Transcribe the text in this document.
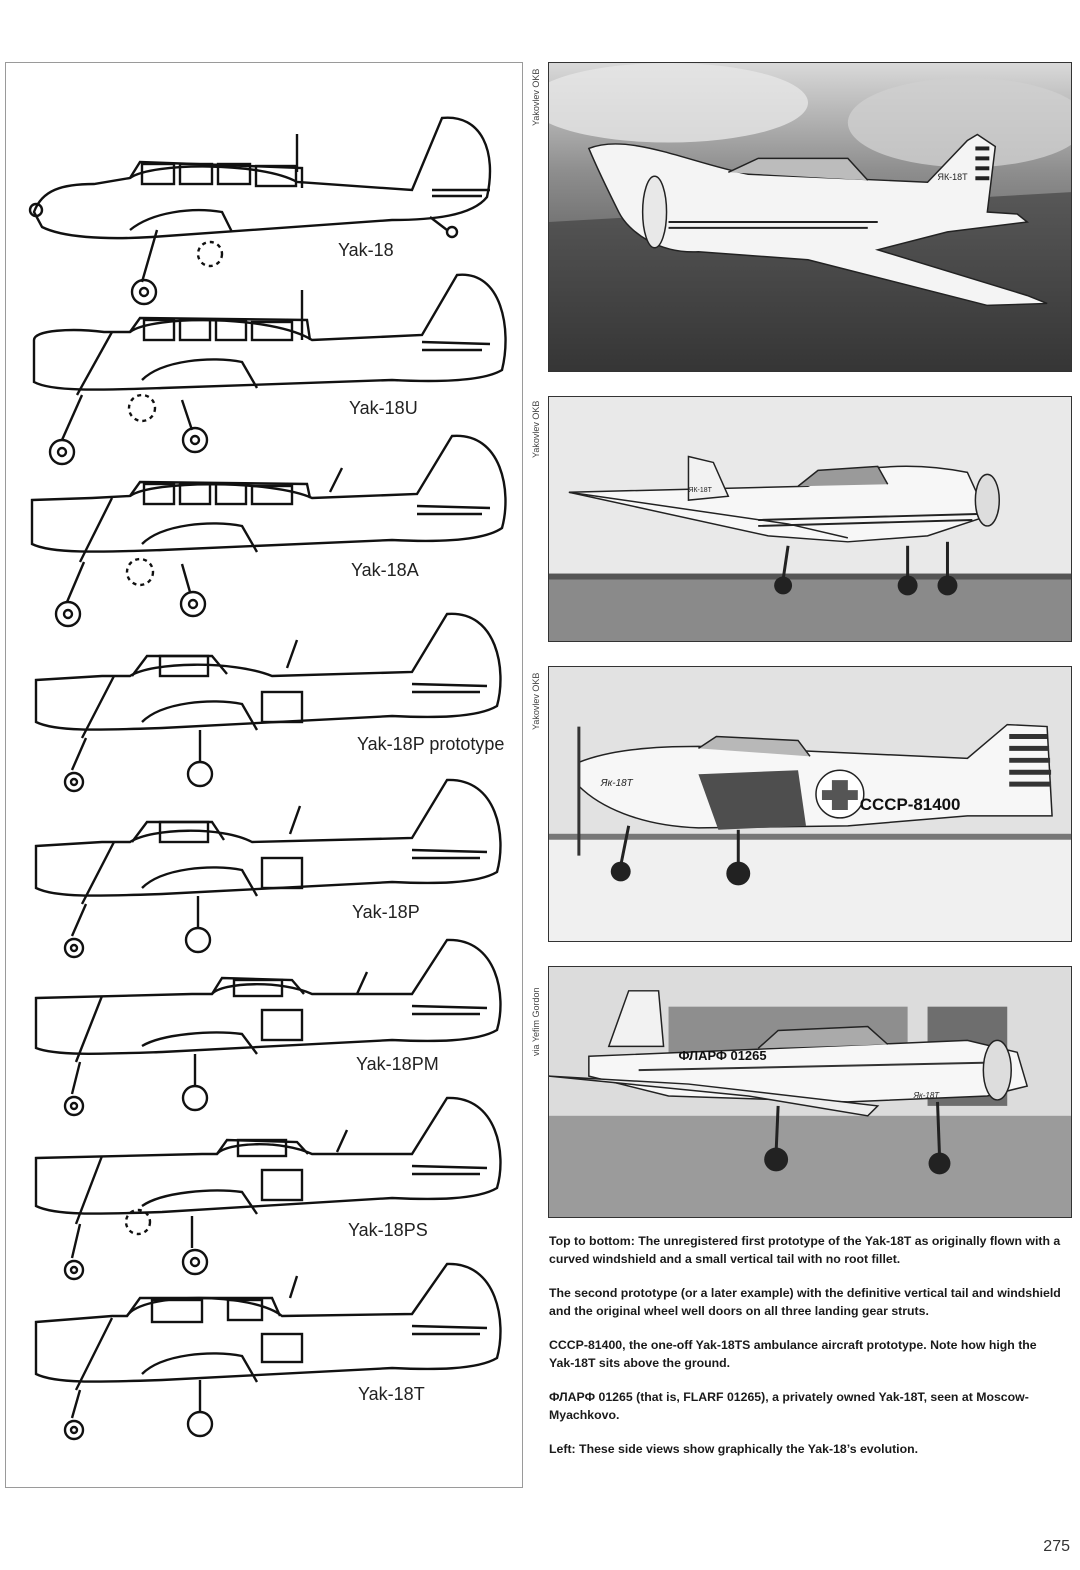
Yak-18
Yak-18U
Yak-18A
Yak-18P prototype
Yak-18P
Yak-18PM
Yak-18PS
Yak-18T
Yakovlev OKB
Yakovlev OKB
Yakovlev OKB
via Yefim Gordon
ЯК-18Т
ЯК-18Т
СССР-81400
Як-18Т
ФЛАРФ 01265
Як-18Т

Top to bottom: The unregistered first prototype of the Yak-18T as originally flown with a curved windshield and a small vertical tail with no root fillet.

The second prototype (or a later example) with the definitive vertical tail and windshield and the original wheel well doors on all three landing gear struts.

СССР-81400, the one-off Yak-18TS ambulance aircraft prototype. Note how high the Yak-18T sits above the ground.

ФЛАРФ 01265 (that is, FLARF 01265), a privately owned Yak-18T, seen at Moscow-Myachkovo.

Left: These side views show graphically the Yak-18’s evolution.

275
